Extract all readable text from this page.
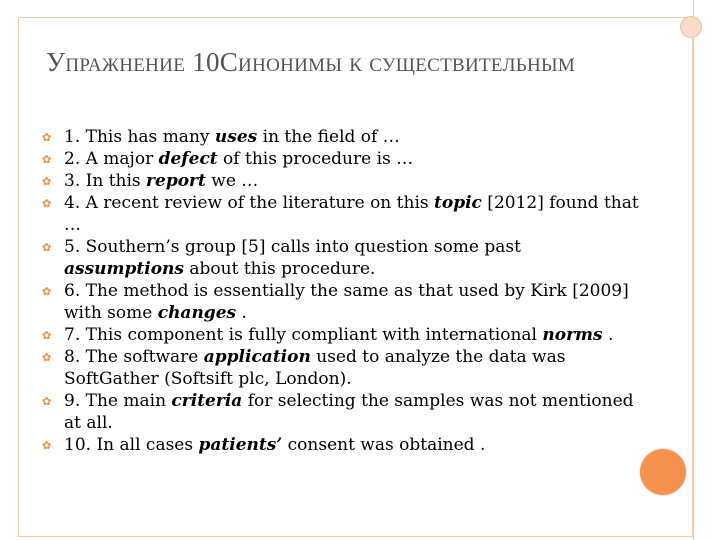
Упражнение 10Синонимы к существительным
✿ 1. This has many uses in the field of …
✿ 2. A major defect of this procedure is …
✿ 3. In this report we …
✿ 4. A recent review of the literature on this topic [2012] found that …
✿ 5. Southern’s group [5] calls into question some past assumptions about this procedure.
✿ 6. The method is essentially the same as that used by Kirk [2009] with some changes .
✿ 7. This component is fully compliant with international norms .
✿ 8. The software application used to analyze the data was SoftGather (Softsift plc, London).
✿ 9. The main criteria for selecting the samples was not mentioned at all.
✿ 10. In all cases patients’ consent was obtained .
